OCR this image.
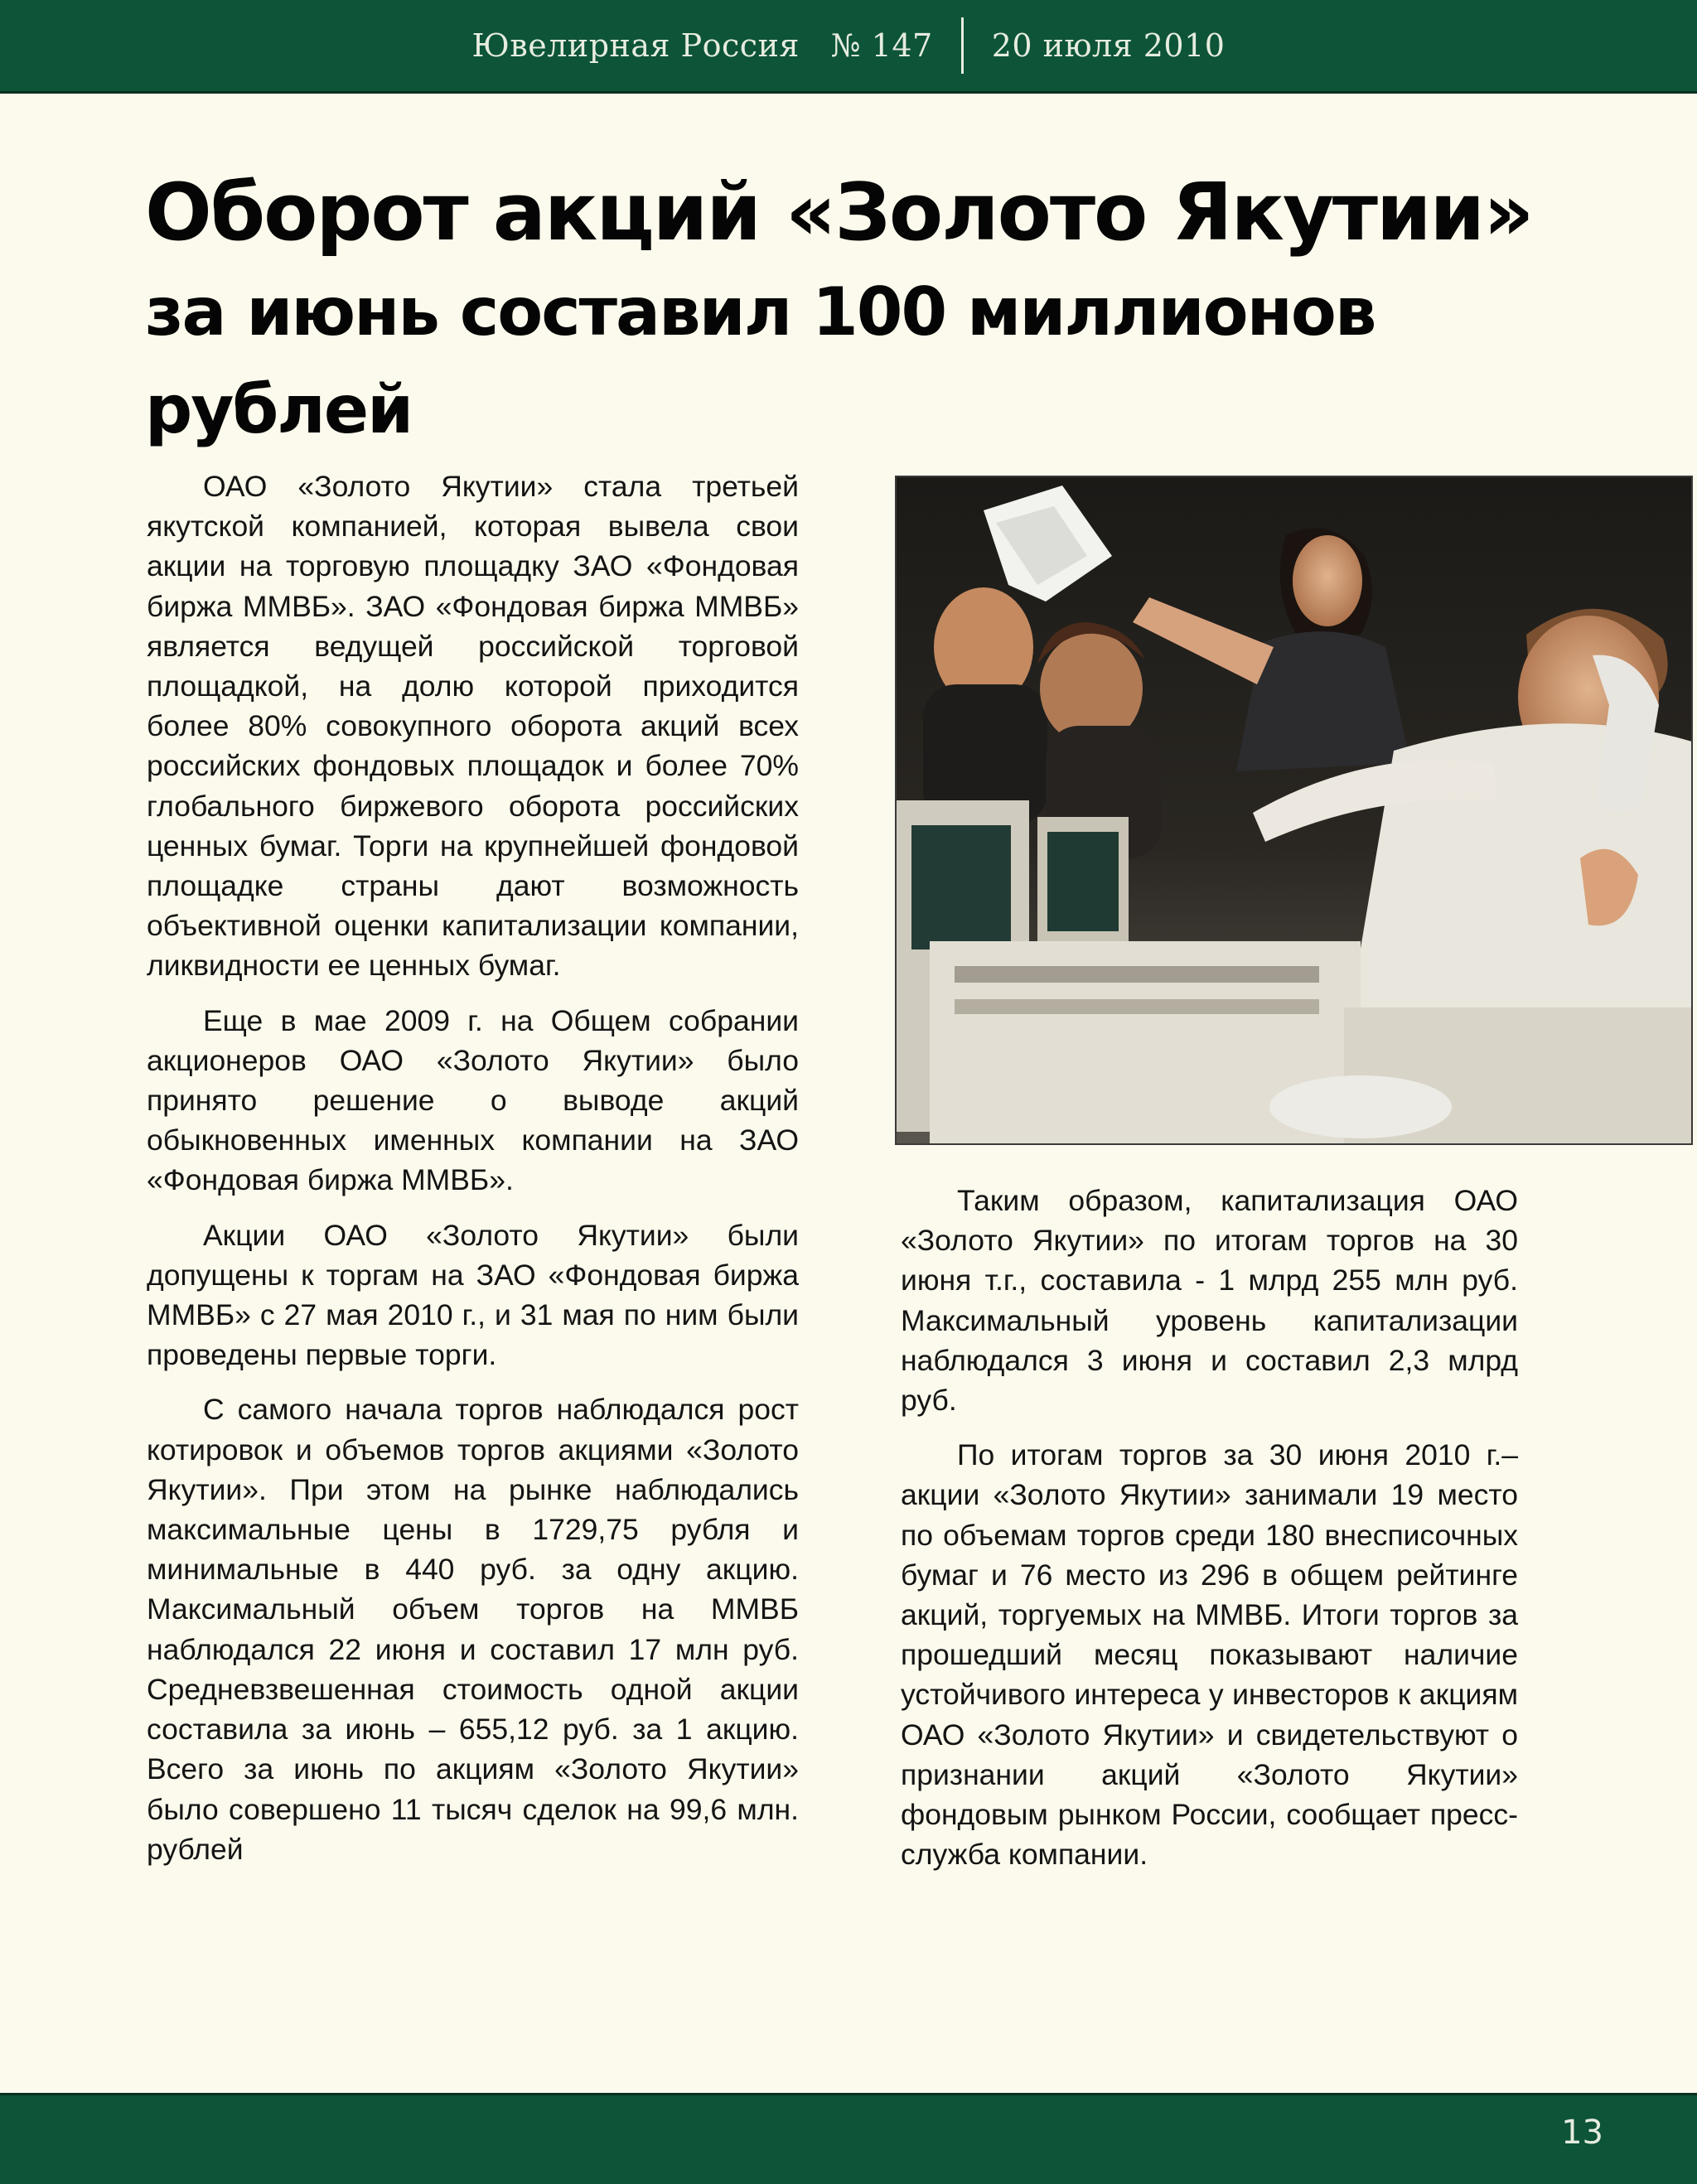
Ювелирная Россия № 147	20 июля 2010
Оборот акций «Золото Якутии»
за июнь составил 100 миллионов рублей

ОАО «Золото Якутии» стала третьей якутской компанией, которая вывела свои акции на торговую площадку ЗАО «Фондовая биржа ММВБ». ЗАО «Фондовая биржа ММВБ» является ведущей российской торговой площадкой, на долю которой приходится более 80% совокупного оборота акций всех российских фондовых площадок и более 70% глобального биржевого оборота российских ценных бумаг. Торги на крупнейшей фондовой площадке страны дают возможность объективной оценки капитализации компании, ликвидности ее ценных бумаг.

Еще в мае 2009 г. на Общем собрании акционеров ОАО «Золото Якутии» было принято решение о выводе акций обыкновенных именных компании на ЗАО «Фондовая биржа ММВБ».

Акции ОАО «Золото Якутии» были допущены к торгам на ЗАО «Фондовая биржа ММВБ» с 27 мая 2010 г., и 31 мая по ним были проведены первые торги.

С самого начала торгов наблюдался рост котировок и объемов торгов акциями «Золото Якутии». При этом на рынке наблюдались максимальные цены в 1729,75 рубля и минимальные в 440 руб. за одну акцию. Максимальный объем торгов на ММВБ наблюдался 22 июня и составил 17 млн руб. Средневзвешенная стоимость одной акции составила за июнь – 655,12 руб. за 1 акцию. Всего за июнь по акциям «Золото Якутии» было совершено 11 тысяч сделок на 99,6 млн. рублей

Таким образом, капитализация ОАО «Золото Якутии» по итогам торгов на 30 июня т.г., составила - 1 млрд 255 млн руб. Максимальный уровень капитализации наблюдался 3 июня и составил 2,3 млрд руб.

По итогам торгов за 30 июня 2010 г.– акции «Золото Якутии» занимали 19 место по объемам торгов среди 180 внесписочных бумаг и 76 место из 296 в общем рейтинге акций, торгуемых на ММВБ. Итоги торгов за прошедший месяц показывают наличие устойчивого интереса у инвесторов к акциям ОАО «Золото Якутии» и свидетельствуют о признании акций «Золото Якутии» фондовым рынком России, сообщает пресс-служба компании.

13
